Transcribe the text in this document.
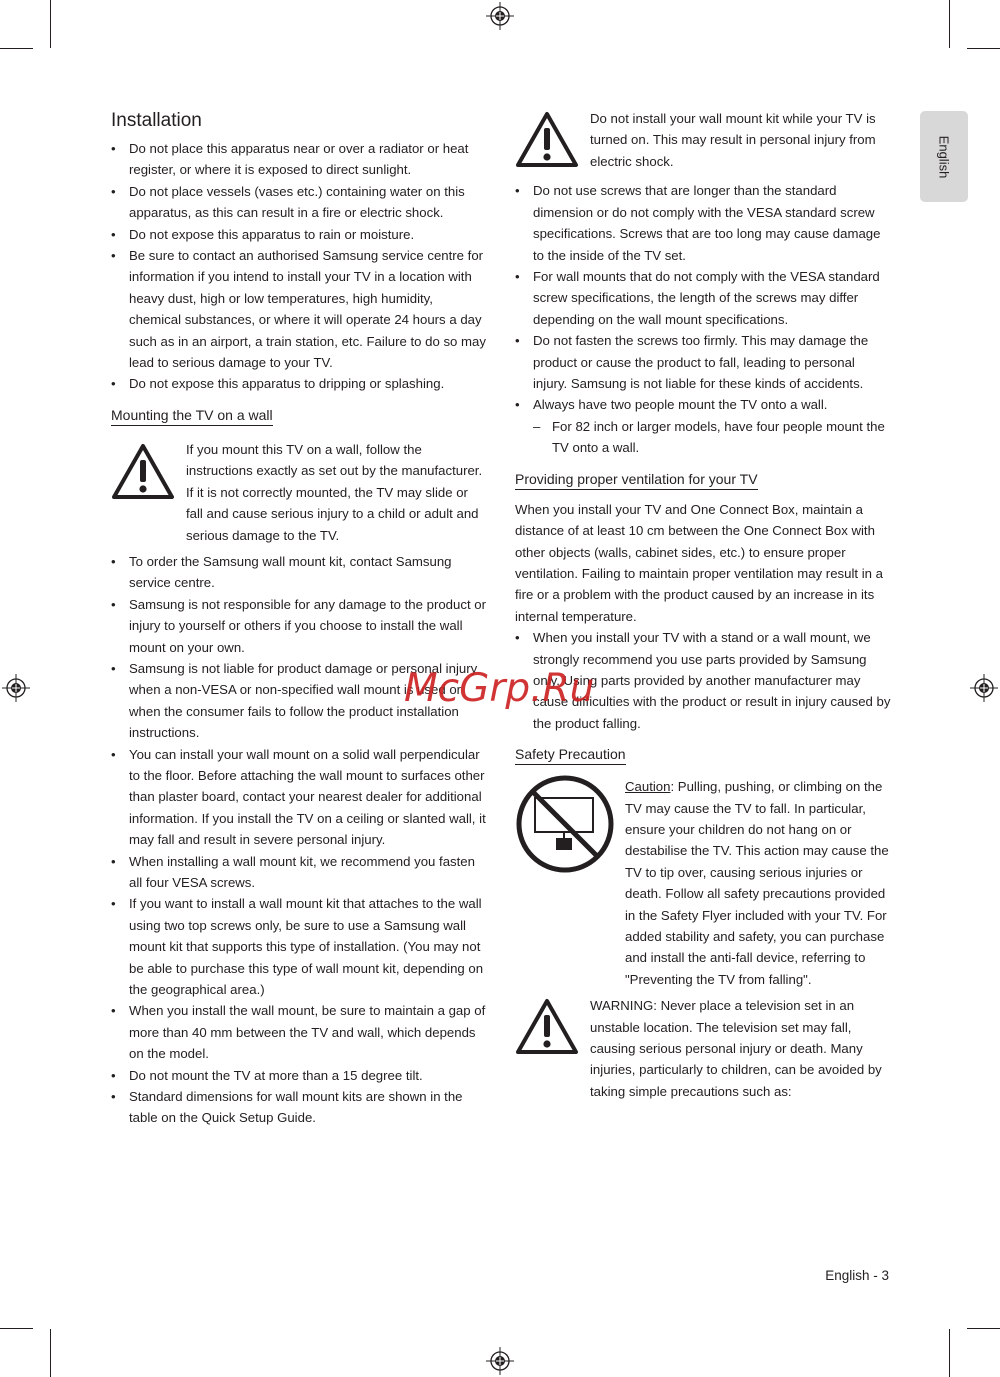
English
Installation
• Do not place this apparatus near or over a radiator or heat register, or where it is exposed to direct sunlight.
• Do not place vessels (vases etc.) containing water on this apparatus, as this can result in a fire or electric shock.
• Do not expose this apparatus to rain or moisture.
• Be sure to contact an authorised Samsung service centre for information if you intend to install your TV in a location with heavy dust, high or low temperatures, high humidity, chemical substances, or where it will operate 24 hours a day such as in an airport, a train station, etc. Failure to do so may lead to serious damage to your TV.
• Do not expose this apparatus to dripping or splashing.
Mounting the TV on a wall

If you mount this TV on a wall, follow the instructions exactly as set out by the manufacturer. If it is not correctly mounted, the TV may slide or fall and cause serious injury to a child or adult and serious damage to the TV.

• To order the Samsung wall mount kit, contact Samsung service centre.
• Samsung is not responsible for any damage to the product or injury to yourself or others if you choose to install the wall mount on your own.
• Samsung is not liable for product damage or personal injury when a non-VESA or non-specified wall mount is used or when the consumer fails to follow the product installation instructions.
• You can install your wall mount on a solid wall perpendicular to the floor. Before attaching the wall mount to surfaces other than plaster board, contact your nearest dealer for additional information. If you install the TV on a ceiling or slanted wall, it may fall and result in severe personal injury.
• When installing a wall mount kit, we recommend you fasten all four VESA screws.
• If you want to install a wall mount kit that attaches to the wall using two top screws only, be sure to use a Samsung wall mount kit that supports this type of installation. (You may not be able to purchase this type of wall mount kit, depending on the geographical area.)
• When you install the wall mount, be sure to maintain a gap of more than 40 mm between the TV and wall, which depends on the model.
• Do not mount the TV at more than a 15 degree tilt.
• Standard dimensions for wall mount kits are shown in the table on the Quick Setup Guide.

Do not install your wall mount kit while your TV is turned on. This may result in personal injury from electric shock.

• Do not use screws that are longer than the standard dimension or do not comply with the VESA standard screw specifications. Screws that are too long may cause damage to the inside of the TV set.
• For wall mounts that do not comply with the VESA standard screw specifications, the length of the screws may differ depending on the wall mount specifications.
• Do not fasten the screws too firmly. This may damage the product or cause the product to fall, leading to personal injury. Samsung is not liable for these kinds of accidents.
• Always have two people mount the TV onto a wall.
– For 82 inch or larger models, have four people mount the TV onto a wall.
Providing proper ventilation for your TV

When you install your TV and One Connect Box, maintain a distance of at least 10 cm between the One Connect Box with other objects (walls, cabinet sides, etc.) to ensure proper ventilation. Failing to maintain proper ventilation may result in a fire or a problem with the product caused by an increase in its internal temperature.

• When you install your TV with a stand or a wall mount, we strongly recommend you use parts provided by Samsung only. Using parts provided by another manufacturer may cause difficulties with the product or result in injury caused by the product falling.
Safety Precaution

Caution: Pulling, pushing, or climbing on the TV may cause the TV to fall. In particular, ensure your children do not hang on or destabilise the TV. This action may cause the TV to tip over, causing serious injuries or death. Follow all safety precautions provided in the Safety Flyer included with your TV. For added stability and safety, you can purchase and install the anti-fall device, referring to "Preventing the TV from falling".

WARNING: Never place a television set in an unstable location. The television set may fall, causing serious personal injury or death. Many injuries, particularly to children, can be avoided by taking simple precautions such as:

McGrp.Ru
English - 3
